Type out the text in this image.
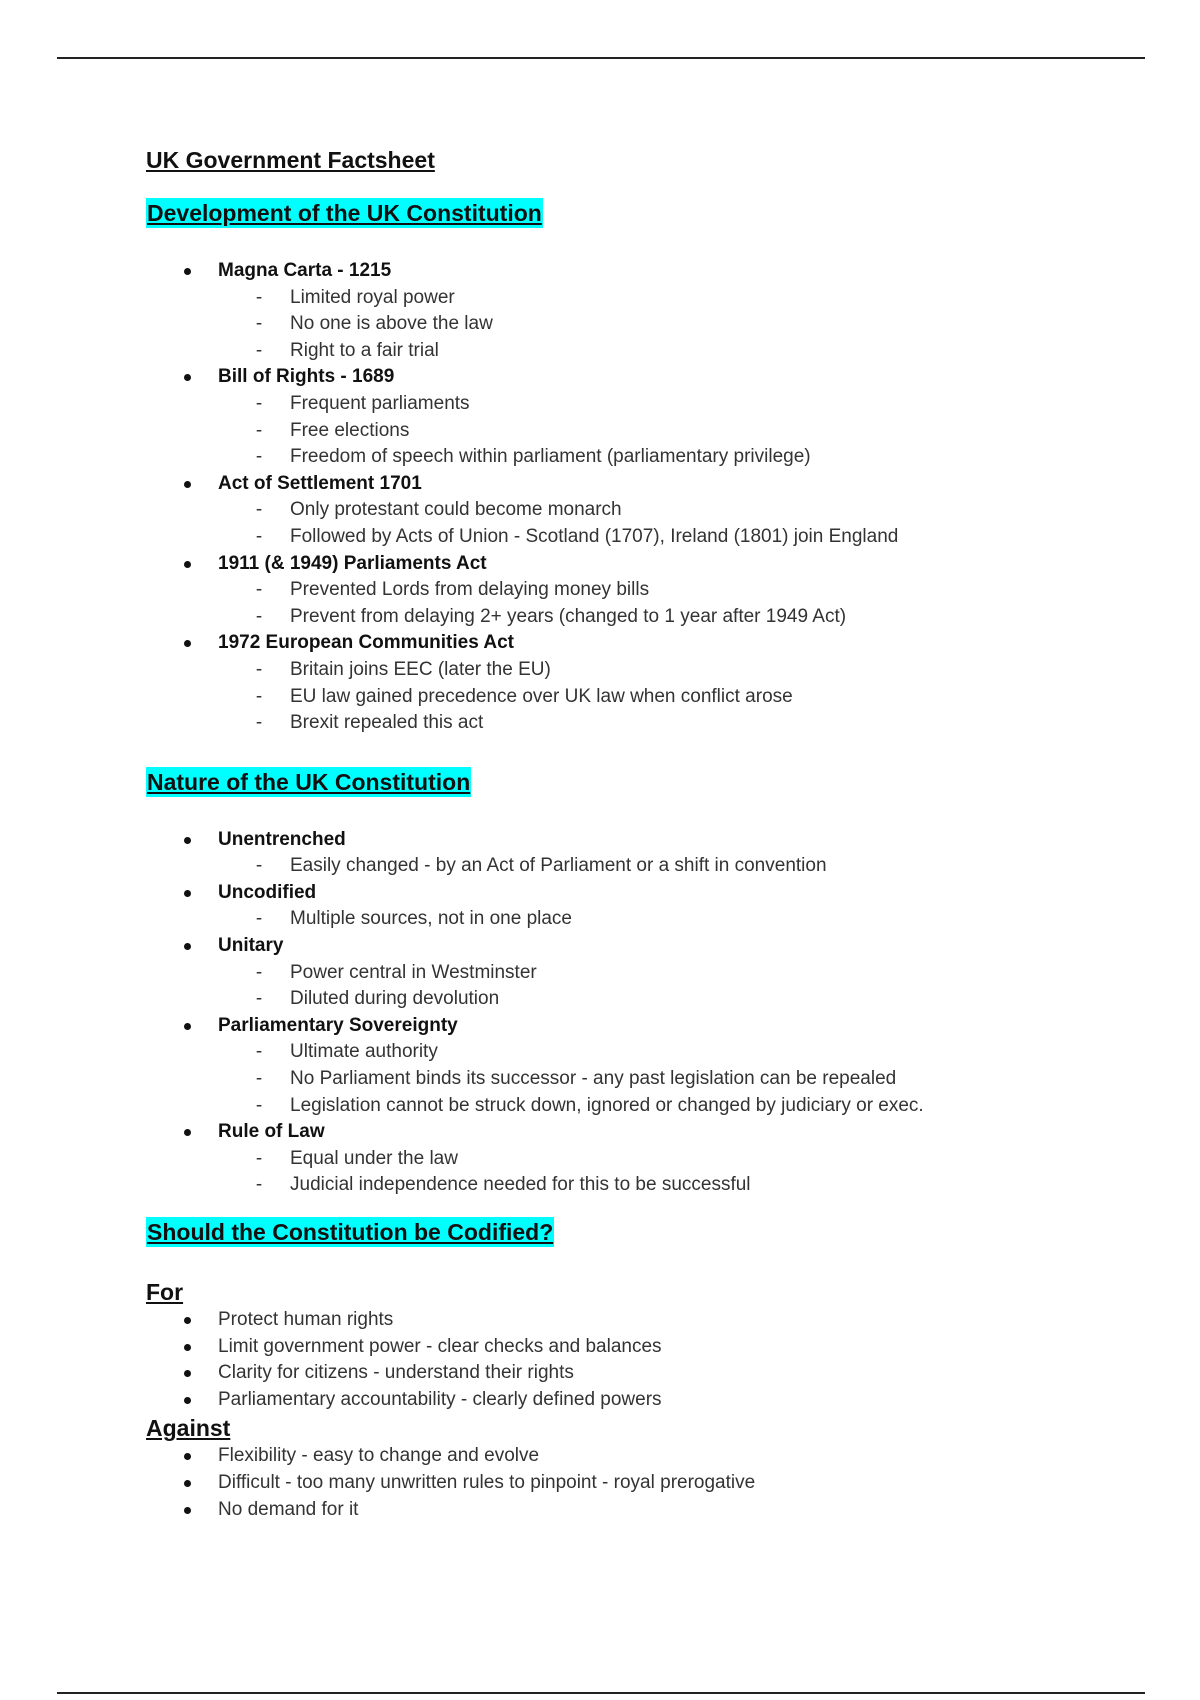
UK Government Factsheet
Development of the UK Constitution
Magna Carta - 1215
- Limited royal power
- No one is above the law
- Right to a fair trial
Bill of Rights - 1689
- Frequent parliaments
- Free elections
- Freedom of speech within parliament (parliamentary privilege)
Act of Settlement 1701
- Only protestant could become monarch
- Followed by Acts of Union - Scotland (1707), Ireland (1801) join England
1911 (& 1949) Parliaments Act
- Prevented Lords from delaying money bills
- Prevent from delaying 2+ years (changed to 1 year after 1949 Act)
1972 European Communities Act
- Britain joins EEC (later the EU)
- EU law gained precedence over UK law when conflict arose
- Brexit repealed this act
Nature of the UK Constitution
Unentrenched
- Easily changed - by an Act of Parliament or a shift in convention
Uncodified
- Multiple sources, not in one place
Unitary
- Power central in Westminster
- Diluted during devolution
Parliamentary Sovereignty
- Ultimate authority
- No Parliament binds its successor - any past legislation can be repealed
- Legislation cannot be struck down, ignored or changed by judiciary or exec.
Rule of Law
- Equal under the law
- Judicial independence needed for this to be successful
Should the Constitution be Codified?
For
Protect human rights
Limit government power - clear checks and balances
Clarity for citizens - understand their rights
Parliamentary accountability - clearly defined powers
Against
Flexibility - easy to change and evolve
Difficult - too many unwritten rules to pinpoint - royal prerogative
No demand for it
